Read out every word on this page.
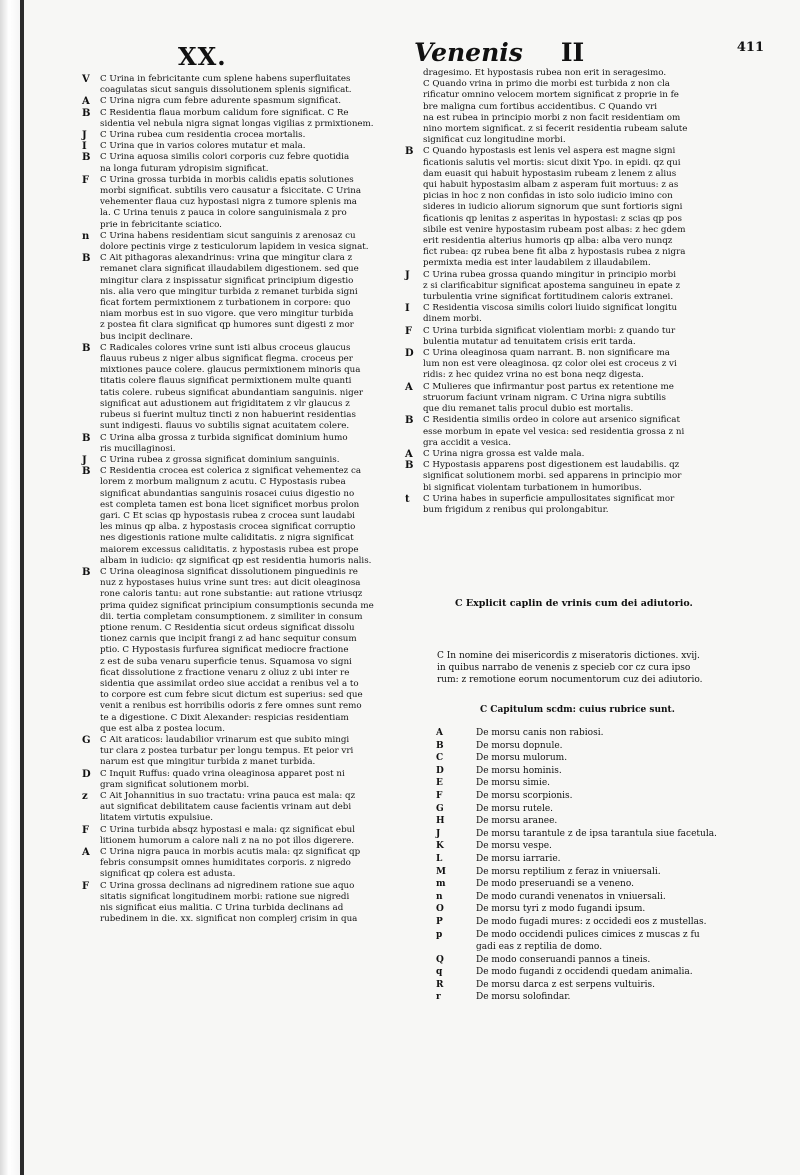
XX.	Venenis II	411
V	C Urina in febricitante cum splene habens superfluitates
coagulatas sicut sanguis dissolutionem splenis significat.
A	C Urina nigra cum febre adurente spasmum significat.
B	C Residentia flaua morbum calidum fore significat. C Re
sidentia vel nebula nigra signat longas vigilias z prmixtionem.
J	C Urina rubea cum residentia crocea mortalis.
I	C Urina que in varios colores mutatur et mala.
B	C Urina aquosa similis colori corporis cuz febre quotidia
na longa futuram ydropisim significat.
F	C Urina grossa turbida in morbis calidis epatis solutiones
morbi significat. subtilis vero causatur a fsiccitate. C Urina
vehementer flaua cuz hypostasi nigra z tumore splenis ma
la. C Urina tenuis z pauca in colore sanguinismala z pro
prie in febricitante sciatico.
n	C Urina habens residentiam sicut sanguinis z arenosaz cu
dolore pectinis virge z testiculorum lapidem in vesica signat.
B	C Ait pithagoras alexandrinus: vrina que mingitur clara z
remanet clara significat illaudabilem digestionem. sed que
mingitur clara z inspissatur significat principium digestio
nis. alia vero que mingitur turbida z remanet turbida signi
ficat fortem permixtionem z turbationem in corpore: quo
niam morbus est in suo vigore. que vero mingitur turbida
z postea fit clara significat qp humores sunt digesti z mor
bus incipit declinare.
B	C Radicales colores vrine sunt isti albus croceus glaucus
flauus rubeus z niger albus significat flegma. croceus per
mixtiones pauce colere. glaucus permixtionem minoris qua
titatis colere flauus significat permixtionem multe quanti
tatis colere. rubeus significat abundantiam sanguinis. niger
significat aut adustionem aut frigiditatem z vlr glaucus z
rubeus si fuerint multuz tincti z non habuerint residentias
sunt indigesti. flauus vo subtilis signat acuitatem colere.
B	C Urina alba grossa z turbida significat dominium humo
ris mucillaginosi.
J	C Urina rubea z grossa significat dominium sanguinis.
B	C Residentia crocea est colerica z significat vehementez ca
lorem z morbum malignum z acutu. C Hypostasis rubea
significat abundantias sanguinis rosacei cuius digestio no
est completa tamen est bona licet significet morbus prolon
gari. C Et scias qp hypostasis rubea z crocea sunt laudabi
les minus qp alba. z hypostasis crocea significat corruptio
nes digestionis ratione multe caliditatis. z nigra significat
maiorem excessus caliditatis. z hypostasis rubea est prope
albam in iudicio: qz significat qp est residentia humoris nalis.
B	C Urina oleaginosa significat dissolutionem pinguedinis re
nuz z hypostases huius vrine sunt tres: aut dicit oleaginosa
rone caloris tantu: aut rone substantie: aut ratione vtriusqz
prima quidez significat principium consumptionis secunda me
dii. tertia completam consumptionem. z similiter in consum
ptione renum. C Residentia sicut ordeus significat dissolu
tionez carnis que incipit frangi z ad hanc sequitur consum
ptio. C Hypostasis furfurea significat mediocre fractione
z est de suba venaru superficie tenus. Squamosa vo signi
ficat dissolutione z fractione venaru z oliuz z ubi inter re
sidentia que assimilat ordeo siue accidat a renibus vel a to
to corpore est cum febre sicut dictum est superius: sed que
venit a renibus est horribilis odoris z fere omnes sunt remo
te a digestione. C Dixit Alexander: respicias residentiam
que est alba z postea locum.
G	C Ait araticos: laudabilior vrinarum est que subito mingi
tur clara z postea turbatur per longu tempus. Et peior vri
narum est que mingitur turbida z manet turbida.
D	C Inquit Ruffus: quado vrina oleaginosa apparet post ni
gram significat solutionem morbi.
z	C Ait Johannitius in suo tractatu: vrina pauca est mala: qz
aut significat debilitatem cause facientis vrinam aut debi
litatem virtutis expulsiue.
F	C Urina turbida absqz hypostasi e mala: qz significat ebul
litionem humorum a calore nali z na no pot illos digerere.
A	C Urina nigra pauca in morbis acutis mala: qz significat qp
febris consumpsit omnes humiditates corporis. z nigredo
significat qp colera est adusta.
F	C Urina grossa declinans ad nigredinem ratione sue aquo
sitatis significat longitudinem morbi: ratione sue nigredi
nis significat eius malitia. C Urina turbida declinans ad
rubedinem in die. xx. significat non complerj crisim in qua
dragesimo. Et hypostasis rubea non erit in seragesimo.
C Quando vrina in primo die morbi est turbida z non cla
rificatur omnino velocem mortem significat z proprie in fe
bre maligna cum fortibus accidentibus. C Quando vri
na est rubea in principio morbi z non facit residentiam om
nino mortem significat. z si fecerit residentia rubeam salute
significat cuz longitudine morbi.
B	C Quando hypostasis est lenis vel aspera est magne signi
ficationis salutis vel mortis: sicut dixit Ypo. in epidi. qz qui
dam euasit qui habuit hypostasim rubeam z lenem z alius
qui habuit hypostasim albam z asperam fuit mortuus: z as
picias in hoc z non confidas in isto solo iudicio imino con
sideres in iudicio aliorum signorum que sunt fortioris signi
ficationis qp lenitas z asperitas in hypostasi: z scias qp pos
sibile est venire hypostasim rubeam post albas: z hec gdem
erit residentia alterius humoris qp alba: alba vero nunqz
fict rubea: qz rubea bene fit alba z hypostasis rubea z nigra
permixta media est inter laudabilem z illaudabilem.
J	C Urina rubea grossa quando mingitur in principio morbi
z si clarificabitur significat apostema sanguineu in epate z
turbulentia vrine significat fortitudinem caloris extranei.
I	C Residentia viscosa similis colori liuido significat longitu
dinem morbi.
F	C Urina turbida significat violentiam morbi: z quando tur
bulentia mutatur ad tenuitatem crisis erit tarda.
D	C Urina oleaginosa quam narrant. B. non significare ma
lum non est vere oleaginosa. qz color olei est croceus z vi
ridis: z hec quidez vrina no est bona neqz digesta.
A	C Mulieres que infirmantur post partus ex retentione me
struorum faciunt vrinam nigram. C Urina nigra subtilis
que diu remanet talis procul dubio est mortalis.
B	C Residentia similis ordeo in colore aut arsenico significat
esse morbum in epate vel vesica: sed residentia grossa z ni
gra accidit a vesica.
A	C Urina nigra grossa est valde mala.
B	C Hypostasis apparens post digestionem est laudabilis. qz
significat solutionem morbi. sed apparens in principio mor
bi significat violentam turbationem in humoribus.
t	C Urina habes in superficie ampullositates significat mor
bum frigidum z renibus qui prolongabitur.
C Explicit caplin de vrinis cum dei adiutorio.
C In nomine dei misericordis z miseratoris dictiones. xvij.
in quibus narrabo de venenis z specieb cor cz cura ipso
rum: z remotione eorum nocumentorum cuz dei adiutorio.
C Capitulum scdm: cuius rubrice sunt.
A	De morsu canis non rabiosi.
B	De morsu dopnule.
C	De morsu mulorum.
D	De morsu hominis.
E	De morsu simie.
F	De morsu scorpionis.
G	De morsu rutele.
H	De morsu aranee.
J	De morsu tarantule z de ipsa tarantula siue facetula.
K	De morsu vespe.
L	De morsu iarrarie.
M	De morsu reptilium z feraz in vniuersali.
m	De modo preseruandi se a veneno.
n	De modo curandi venenatos in vniuersali.
O	De morsu tyri z modo fugandi ipsum.
P	De modo fugadi mures: z occidedi eos z mustellas.
p	De modo occidendi pulices cimices z muscas z fu
gadi eas z reptilia de domo.
Q	De modo conseruandi pannos a tineis.
q	De modo fugandi z occidendi quedam animalia.
R	De morsu darca z est serpens vultuiris.
r	De morsu solofindar.
